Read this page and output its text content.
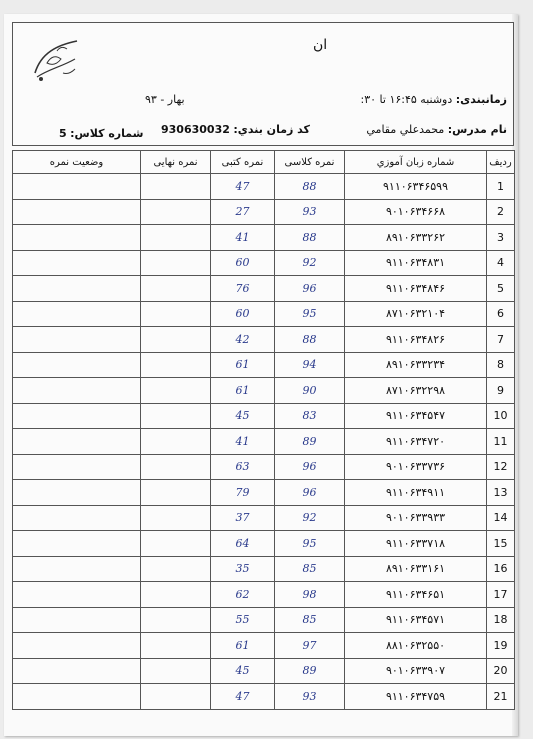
ان
زمانبندی: دوشنبه ۱۶:۴۵ تا ۳۰:
بهار - ۹۳
نام مدرس: محمدعلي مقامي
کد زمان بندي: 930630032
شماره کلاس: 5
رديف	شماره زبان آموزي	نمره کلاسی	نمره کتبی	نمره نهایی	وضعيت نمره
1	۹۱۱۰۶۳۴۶۵۹۹	88	47		
2	۹۰۱۰۶۳۴۶۶۸	93	27		
3	۸۹۱۰۶۳۳۲۶۲	88	41		
4	۹۱۱۰۶۳۴۸۳۱	92	60		
5	۹۱۱۰۶۳۴۸۴۶	96	76		
6	۸۷۱۰۶۳۲۱۰۴	95	60		
7	۹۱۱۰۶۳۴۸۲۶	88	42		
8	۸۹۱۰۶۳۳۲۳۴	94	61		
9	۸۷۱۰۶۳۲۲۹۸	90	61		
10	۹۱۱۰۶۳۴۵۴۷	83	45		
11	۹۱۱۰۶۳۴۷۲۰	89	41		
12	۹۰۱۰۶۳۳۷۳۶	96	63		
13	۹۱۱۰۶۳۴۹۱۱	96	79		
14	۹۰۱۰۶۳۳۹۳۳	92	37		
15	۹۱۱۰۶۳۳۷۱۸	95	64		
16	۸۹۱۰۶۳۳۱۶۱	85	35		
17	۹۱۱۰۶۳۴۶۵۱	98	62		
18	۹۱۱۰۶۳۴۵۷۱	85	55		
19	۸۸۱۰۶۳۲۵۵۰	97	61		
20	۹۰۱۰۶۳۳۹۰۷	89	45		
21	۹۱۱۰۶۳۴۷۵۹	93	47		
